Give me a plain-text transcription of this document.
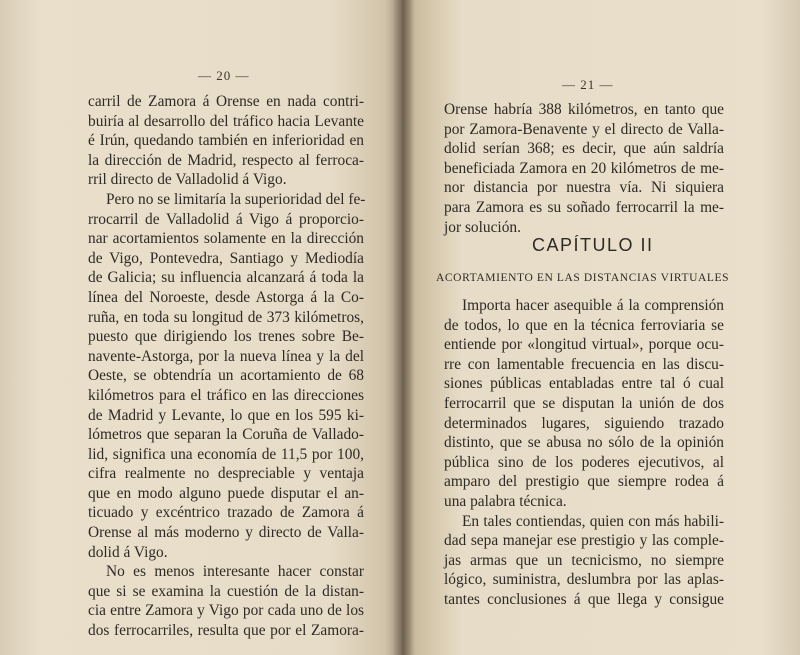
— 20 —
carril de Zamora á Orense en nada contri-
buiría al desarrollo del tráfico hacia Levante
é Irún, quedando también en inferioridad en
la dirección de Madrid, respecto al ferroca-
rril directo de Valladolid á Vigo.
Pero no se limitaría la superioridad del fe-
rrocarril de Valladolid á Vigo á proporcio-
nar acortamientos solamente en la dirección
de Vigo, Pontevedra, Santiago y Mediodía
de Galicia; su influencia alcanzará á toda la
línea del Noroeste, desde Astorga á la Co-
ruña, en toda su longitud de 373 kilómetros,
puesto que dirigiendo los trenes sobre Be-
navente-Astorga, por la nueva línea y la del
Oeste, se obtendría un acortamiento de 68
kilómetros para el tráfico en las direcciones
de Madrid y Levante, lo que en los 595 ki-
lómetros que separan la Coruña de Vallado-
lid, significa una economía de 11,5 por 100,
cifra realmente no despreciable y ventaja
que en modo alguno puede disputar el an-
ticuado y excéntrico trazado de Zamora á
Orense al más moderno y directo de Valla-
dolid á Vigo.
No es menos interesante hacer constar
que si se examina la cuestión de la distan-
cia entre Zamora y Vigo por cada uno de los
dos ferrocarriles, resulta que por el Zamora-
— 21 —
Orense habría 388 kilómetros, en tanto que
por Zamora-Benavente y el directo de Valla-
dolid serían 368; es decir, que aún saldría
beneficiada Zamora en 20 kilómetros de me-
nor distancia por nuestra vía. Ni siquiera
para Zamora es su soñado ferrocarril la me-
jor solución.
Importa hacer asequible á la comprensión
de todos, lo que en la técnica ferroviaria se
entiende por «longitud virtual», porque ocu-
rre con lamentable frecuencia en las discu-
siones públicas entabladas entre tal ó cual
ferrocarril que se disputan la unión de dos
determinados lugares, siguiendo trazado
distinto, que se abusa no sólo de la opinión
pública sino de los poderes ejecutivos, al
amparo del prestigio que siempre rodea á
una palabra técnica.
En tales contiendas, quien con más habili-
dad sepa manejar ese prestigio y las comple-
jas armas que un tecnicismo, no siempre
lógico, suministra, deslumbra por las aplas-
tantes conclusiones á que llega y consigue
CAPÍTULO II
ACORTAMIENTO EN LAS DISTANCIAS VIRTUALES
